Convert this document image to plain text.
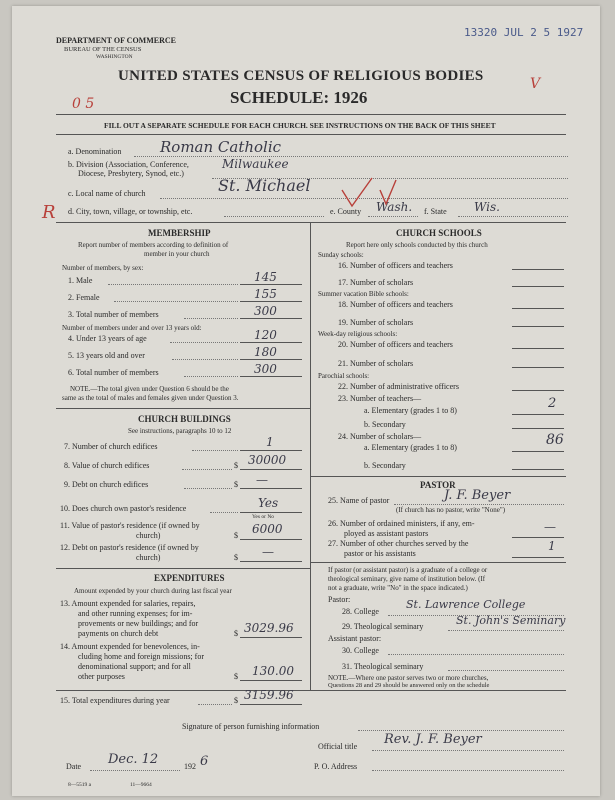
DEPARTMENT OF COMMERCE
BUREAU OF THE CENSUS
WASHINGTON
13320 JUL 2 5 1927
UNITED STATES CENSUS OF RELIGIOUS BODIES
SCHEDULE: 1926
0 5
V
FILL OUT A SEPARATE SCHEDULE FOR EACH CHURCH. SEE INSTRUCTIONS ON THE BACK OF THIS SHEET
a. Denomination	Roman Catholic
b. Division (Association, Conference,
Diocese, Presbytery, Synod, etc.)
Milwaukee
c. Local name of church	St. Michael
R d. City, town, village, or township, etc.	e. County Wash. f. State Wis.
MEMBERSHIP
Report number of members according to definition of
member in your church
Number of members, by sex:
1. Male	145
2. Female	155
3. Total number of members	300
Number of members under and over 13 years old:
4. Under 13 years of age	120
5. 13 years old and over	180
6. Total number of members	300
NOTE.—The total given under Question 6 should be the
same as the total of males and females given under Question 3.
CHURCH BUILDINGS
See instructions, paragraphs 10 to 12
7. Number of church edifices	1
8. Value of church edifices	$ 30000
9. Debt on church edifices	$ —
10. Does church own pastor's residence	Yes
Yes or No
11. Value of pastor's residence (if owned by
church)	$ 6000
12. Debt on pastor's residence (if owned by
church)	$ —
EXPENDITURES
Amount expended by your church during last fiscal year
13. Amount expended for salaries, repairs,
and other running expenses; for im-
provements or new buildings; and for
payments on church debt	$ 3029.96
14. Amount expended for benevolences, in-
cluding home and foreign missions; for
denominational support; and for all
other purposes	$ 130.00
15. Total expenditures during year	$ 3159.96
CHURCH SCHOOLS
Report here only schools conducted by this church
Sunday schools:
16. Number of officers and teachers
17. Number of scholars
Summer vacation Bible schools:
18. Number of officers and teachers
19. Number of scholars
Week-day religious schools:
20. Number of officers and teachers
21. Number of scholars
Parochial schools:
22. Number of administrative officers
23. Number of teachers—
a. Elementary (grades 1 to 8)	2
b. Secondary
24. Number of scholars—
a. Elementary (grades 1 to 8)	86
b. Secondary
PASTOR
25. Name of pastor	J. F. Beyer
(If church has no pastor, write "None")
26. Number of ordained ministers, if any, em-
ployed as assistant pastors	—
27. Number of other churches served by the
pastor or his assistants
1
If pastor (or assistant pastor) is a graduate of a college or
theological seminary, give name of institution below. (If
not a graduate, write "No" in the space indicated.)
Pastor:
28. College
St. Lawrence College
29. Theological seminary	St. John's Seminary
Assistant pastor:
30. College
31. Theological seminary
NOTE.—Where one pastor serves two or more churches,
Questions 28 and 29 should be answered only on the schedule
Signature of person furnishing information
Official title Rev. J. F. Beyer
Date Dec. 12	192 6	P. O. Address
8—5519 a	11—9664
